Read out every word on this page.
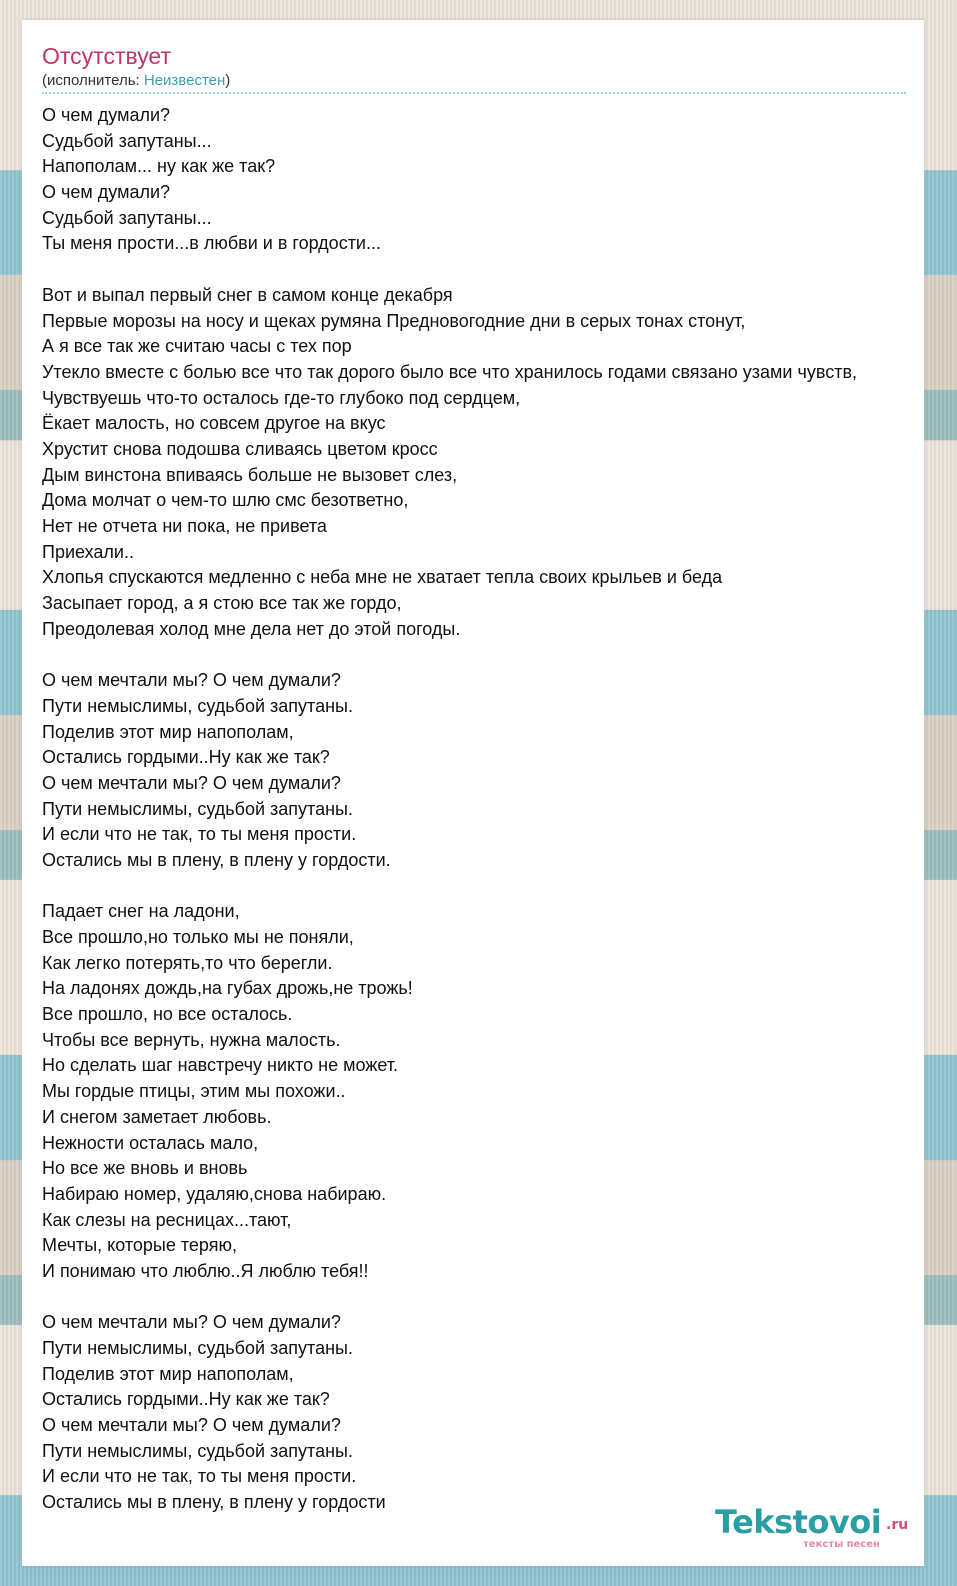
Отсутствует
(исполнитель: Неизвестен)
О чем думали?
Судьбой запутаны...
Напополам... ну как же так?
О чем думали?
Судьбой запутаны...
Ты меня прости...в любви и в гордости...
Вот и выпал первый снег в самом конце декабря
Первые морозы на носу и щеках румяна Предновогодние дни в серых тонах стонут,
А я все так же считаю часы с тех пор
Утекло вместе с болью все что так дорого было все что хранилось годами связано узами чувств,
Чувствуешь что-то осталось где-то глубоко под сердцем,
Ёкает малость, но совсем другое на вкус
Хрустит снова подошва сливаясь цветом кросс
Дым винстона впиваясь больше не вызовет слез,
Дома молчат о чем-то шлю смс безответно,
Нет не отчета ни пока, не привета
Приехали..
Хлопья спускаются медленно с неба мне не хватает тепла своих крыльев и беда
Засыпает город, а я стою все так же гордо,
Преодолевая холод мне дела нет до этой погоды.
О чем мечтали мы? О чем думали?
Пути немыслимы, судьбой запутаны.
Поделив этот мир напополам,
Остались гордыми..Ну как же так?
О чем мечтали мы? О чем думали?
Пути немыслимы, судьбой запутаны.
И если что не так, то ты меня прости.
Остались мы в плену, в плену у гордости.
Падает снег на ладони,
Все прошло,но только мы не поняли,
Как легко потерять,то что берегли.
На ладонях дождь,на губах дрожь,не трожь!
Все прошло, но все осталось.
Чтобы все вернуть, нужна малость.
Но сделать шаг навстречу никто не может.
Мы гордые птицы, этим мы похожи..
И снегом заметает любовь.
Нежности осталась мало,
Но все же вновь и вновь
Набираю номер, удаляю,снова набираю.
Как слезы на ресницах...тают,
Мечты, которые теряю,
И понимаю что люблю..Я люблю тебя!!
О чем мечтали мы? О чем думали?
Пути немыслимы, судьбой запутаны.
Поделив этот мир напополам,
Остались гордыми..Ну как же так?
О чем мечтали мы? О чем думали?
Пути немыслимы, судьбой запутаны.
И если что не так, то ты меня прости.
Остались мы в плену, в плену у гордости
Tekstovoi .ru
тексты песен
